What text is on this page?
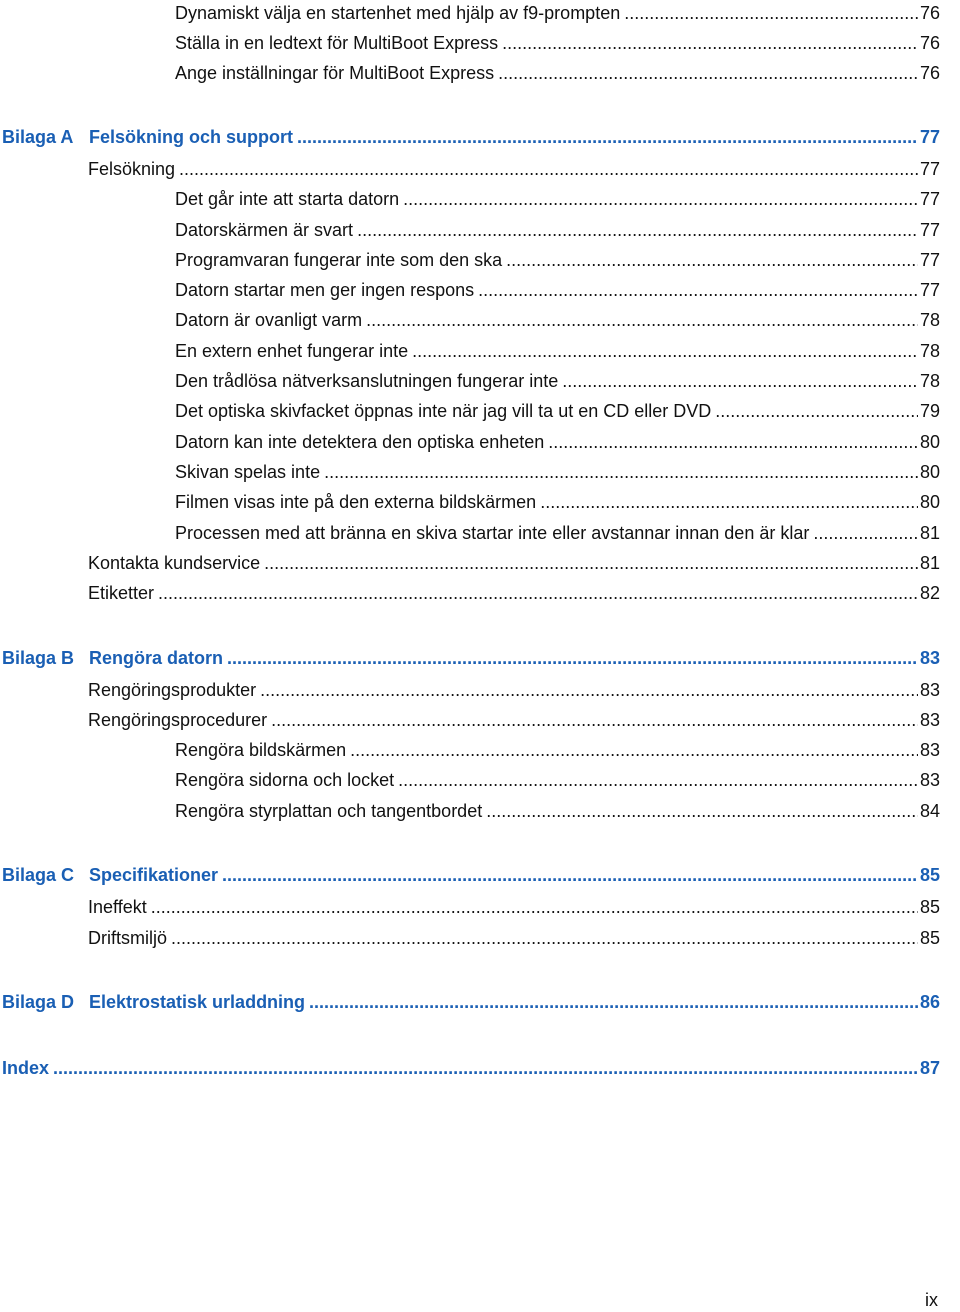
Dynamiskt välja en startenhet med hjälp av f9-prompten .....	76
Ställa in en ledtext för MultiBoot Express .....	76
Ange inställningar för MultiBoot Express .....	76
Bilaga A Felsökning och support .....	77
Felsökning .....	77
Det går inte att starta datorn .....	77
Datorskärmen är svart .....	77
Programvaran fungerar inte som den ska .....	77
Datorn startar men ger ingen respons .....	77
Datorn är ovanligt varm .....	78
En extern enhet fungerar inte .....	78
Den trådlösa nätverksanslutningen fungerar inte .....	78
Det optiska skivfacket öppnas inte när jag vill ta ut en CD eller DVD .....	79
Datorn kan inte detektera den optiska enheten .....	80
Skivan spelas inte .....	80
Filmen visas inte på den externa bildskärmen .....	80
Processen med att bränna en skiva startar inte eller avstannar innan den är klar .....	81
Kontakta kundservice .....	81
Etiketter .....	82
Bilaga B Rengöra datorn .....	83
Rengöringsprodukter .....	83
Rengöringsprocedurer .....	83
Rengöra bildskärmen .....	83
Rengöra sidorna och locket .....	83
Rengöra styrplattan och tangentbordet .....	84
Bilaga C Specifikationer .....	85
Ineffekt .....	85
Driftsmiljö .....	85
Bilaga D Elektrostatisk urladdning .....	86
Index .....	87
ix
